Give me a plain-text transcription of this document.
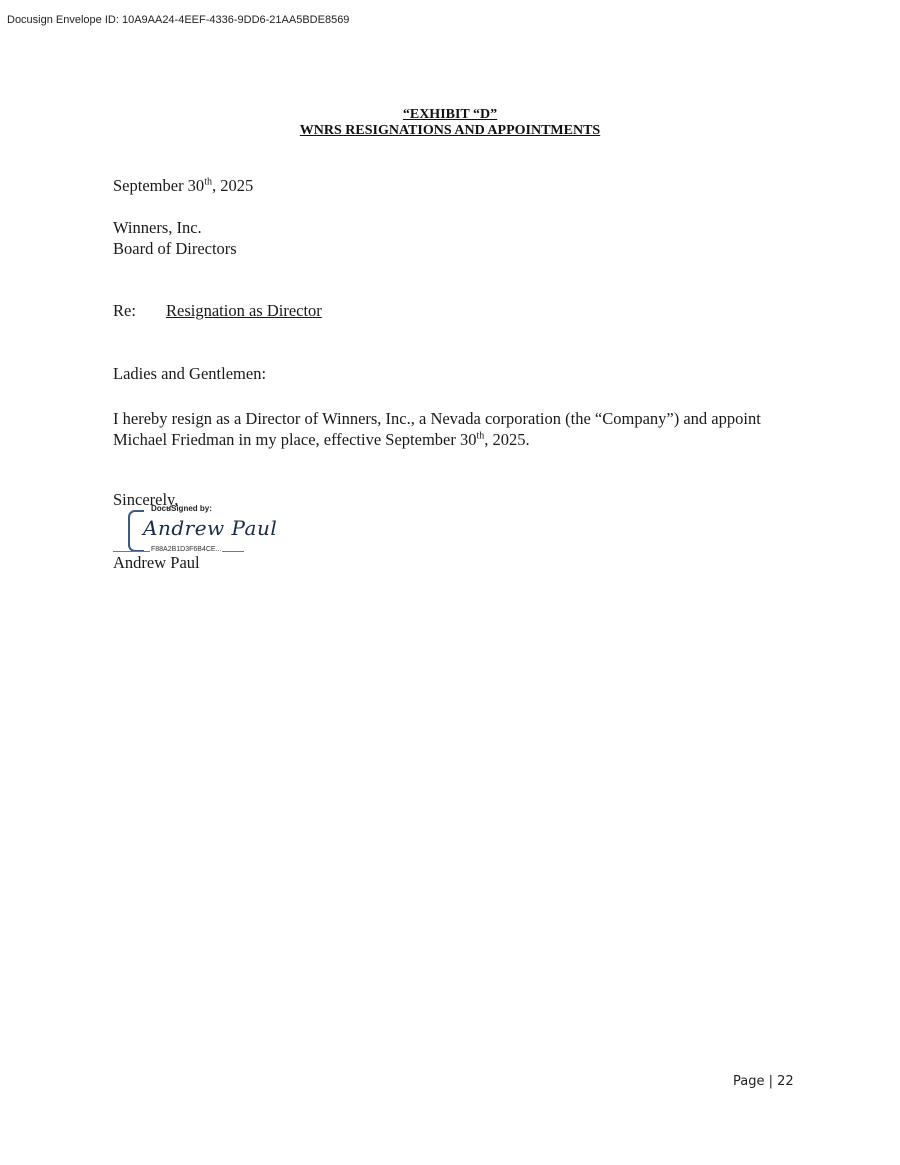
Docusign Envelope ID: 10A9AA24-4EEF-4336-9DD6-21AA5BDE8569
“EXHIBIT “D”
WNRS RESIGNATIONS AND APPOINTMENTS
September 30th, 2025
Winners, Inc.
Board of Directors
Re: Resignation as Director
Ladies and Gentlemen:
I hereby resign as a Director of Winners, Inc., a Nevada corporation (the “Company”) and appoint
Michael Friedman in my place, effective September 30th, 2025.
Sincerely,
DocuSigned by:
Andrew Paul
F88A2B1D3F6B4CE...
Andrew Paul
Page | 22
